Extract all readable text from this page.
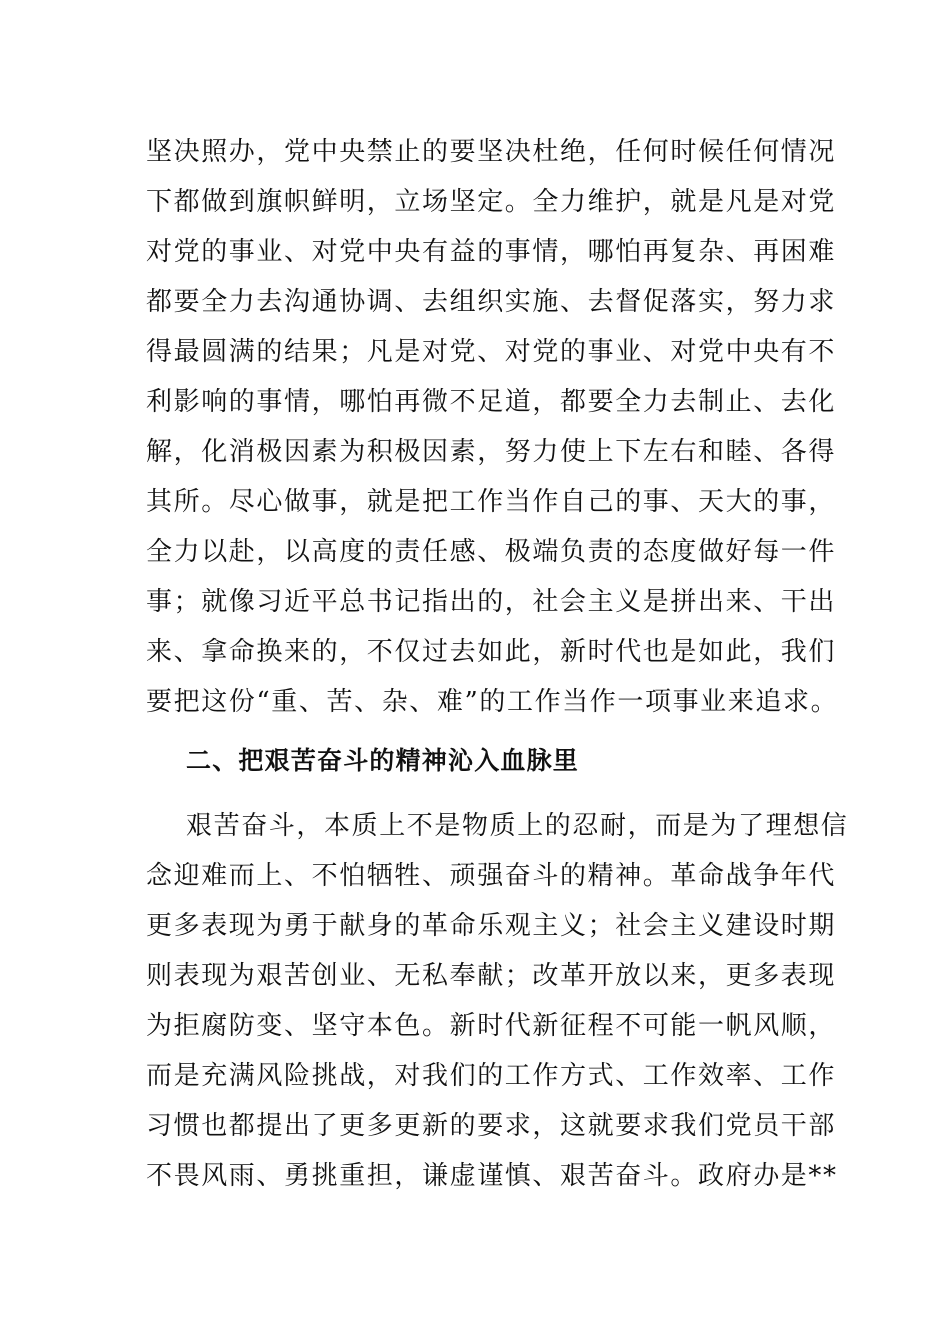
坚决照办，党中央禁止的要坚决杜绝，任何时候任何情况
下都做到旗帜鲜明，立场坚定。全力维护，就是凡是对党
对党的事业、对党中央有益的事情，哪怕再复杂、再困难
都要全力去沟通协调、去组织实施、去督促落实，努力求
得最圆满的结果；凡是对党、对党的事业、对党中央有不
利影响的事情，哪怕再微不足道，都要全力去制止、去化
解，化消极因素为积极因素，努力使上下左右和睦、各得
其所。尽心做事，就是把工作当作自己的事、天大的事，
全力以赴，以高度的责任感、极端负责的态度做好每一件
事；就像习近平总书记指出的，社会主义是拼出来、干出
来、拿命换来的，不仅过去如此，新时代也是如此，我们
要把这份“重、苦、杂、难”的工作当作一项事业来追求。
二、把艰苦奋斗的精神沁入血脉里
艰苦奋斗，本质上不是物质上的忍耐，而是为了理想信
念迎难而上、不怕牺牲、顽强奋斗的精神。革命战争年代
更多表现为勇于献身的革命乐观主义；社会主义建设时期
则表现为艰苦创业、无私奉献；改革开放以来，更多表现
为拒腐防变、坚守本色。新时代新征程不可能一帆风顺，
而是充满风险挑战，对我们的工作方式、工作效率、工作
习惯也都提出了更多更新的要求，这就要求我们党员干部
不畏风雨、勇挑重担，谦虚谨慎、艰苦奋斗。政府办是**
